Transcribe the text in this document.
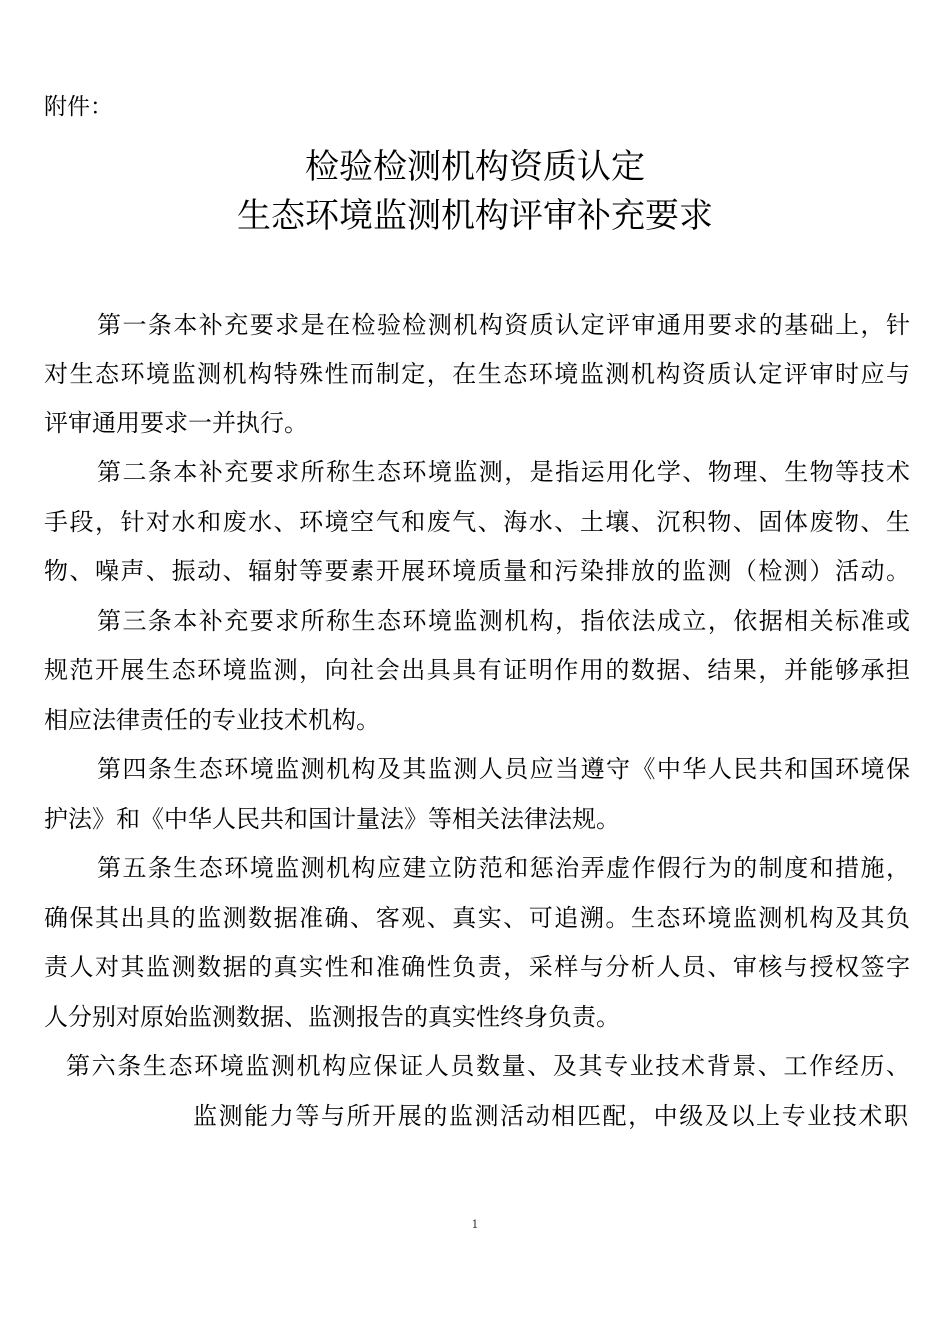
附件：
检验检测机构资质认定
生态环境监测机构评审补充要求
第一条本补充要求是在检验检测机构资质认定评审通用要求的基础上，针
对生态环境监测机构特殊性而制定，在生态环境监测机构资质认定评审时应与
评审通用要求一并执行。
第二条本补充要求所称生态环境监测，是指运用化学、物理、生物等技术
手段，针对水和废水、环境空气和废气、海水、土壤、沉积物、固体废物、生
物、噪声、振动、辐射等要素开展环境质量和污染排放的监测（检测）活动。
第三条本补充要求所称生态环境监测机构，指依法成立，依据相关标准或
规范开展生态环境监测，向社会出具具有证明作用的数据、结果，并能够承担
相应法律责任的专业技术机构。
第四条生态环境监测机构及其监测人员应当遵守《中华人民共和国环境保
护法》和《中华人民共和国计量法》等相关法律法规。
第五条生态环境监测机构应建立防范和惩治弄虚作假行为的制度和措施，
确保其出具的监测数据准确、客观、真实、可追溯。生态环境监测机构及其负
责人对其监测数据的真实性和准确性负责，采样与分析人员、审核与授权签字
人分别对原始监测数据、监测报告的真实性终身负责。
第六条生态环境监测机构应保证人员数量、及其专业技术背景、工作经历、
监测能力等与所开展的监测活动相匹配，中级及以上专业技术职
1
